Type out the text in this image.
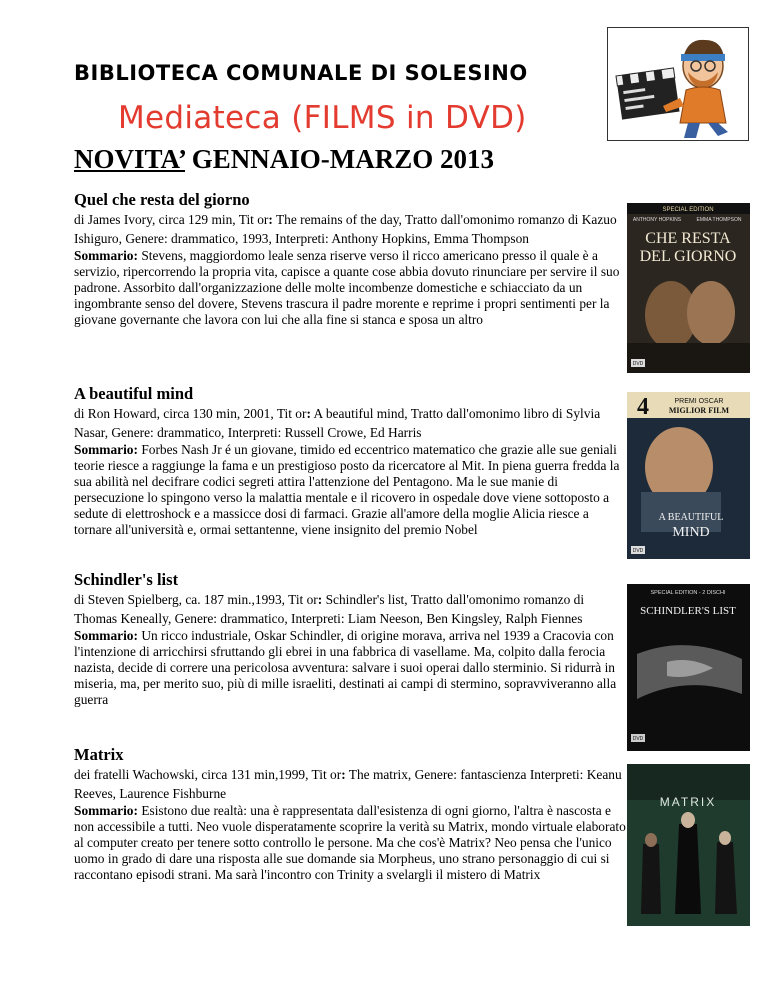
BIBLIOTECA COMUNALE DI SOLESINO
Mediateca (FILMS in DVD)
NOVITA’ GENNAIO-MARZO 2013
Quel che resta del giorno

di James Ivory, circa 129 min, Tit or: The remains of the day, Tratto dall'omonimo romanzo di Kazuo Ishiguro, Genere: drammatico, 1993, Interpreti: Anthony Hopkins, Emma Thompson

Sommario: Stevens, maggiordomo leale senza riserve verso il ricco americano presso il quale è a servizio, ripercorrendo la propria vita, capisce a quante cose abbia dovuto rinunciare per servire il suo padrone. Assorbito dall'organizzazione delle molte incombenze domestiche e schiacciato da un ingombrante senso del dovere, Stevens trascura il padre morente e reprime i propri sentimenti per la giovane governante che lavora con lui che alla fine si stanca e sposa un altro

SPECIAL EDITION
ANTHONY HOPKINS	EMMA THOMPSON
CHE RESTA
DEL GIORNO
DVD
A beautiful mind

di Ron Howard, circa 130 min, 2001, Tit or: A beautiful mind, Tratto dall'omonimo libro di Sylvia Nasar, Genere: drammatico, Interpreti: Russell Crowe, Ed Harris

Sommario: Forbes Nash Jr é un giovane, timido ed eccentrico matematico che grazie alle sue geniali teorie riesce a raggiunge la fama e un prestigioso posto da ricercatore al Mit. In piena guerra fredda la sua abilità nel decifrare codici segreti attira l'attenzione del Pentagono. Ma le sue manie di persecuzione lo spingono verso la malattia mentale e il ricovero in ospedale dove viene sottoposto a sedute di elettroshock e a massicce dosi di farmaci. Grazie all'amore della moglie Alicia riesce a tornare all'università e, ormai settantenne, viene insignito del premio Nobel

4	PREMI OSCAR
MIGLIOR FILM
A BEAUTIFUL
MIND
DVD
Schindler's list

di Steven Spielberg, ca. 187 min.,1993, Tit or: Schindler's list, Tratto dall'omonimo romanzo di Thomas Keneally, Genere: drammatico, Interpreti: Liam Neeson, Ben Kingsley, Ralph Fiennes

Sommario: Un ricco industriale, Oskar Schindler, di origine morava, arriva nel 1939 a Cracovia con l'intenzione di arricchirsi sfruttando gli ebrei in una fabbrica di vasellame. Ma, colpito dalla ferocia nazista, decide di correre una pericolosa avventura: salvare i suoi operai dallo sterminio. Si ridurrà in miseria, ma, per merito suo, più di mille israeliti, destinati ai campi di stermino, sopravviveranno alla guerra

SPECIAL EDITION - 2 DISCHI
SCHINDLER'S LIST
DVD
Matrix

dei fratelli Wachowski, circa 131 min,1999, Tit or: The matrix, Genere: fantascienza Interpreti: Keanu Reeves, Laurence Fishburne

Sommario: Esistono due realtà: una è rappresentata dall'esistenza di ogni giorno, l'altra è nascosta e non accessibile a tutti. Neo vuole disperatamente scoprire la verità su Matrix, mondo virtuale elaborato al computer creato per tenere sotto controllo le persone. Ma che cos'è Matrix? Neo pensa che l'unico uomo in grado di dare una risposta alle sue domande sia Morpheus, uno strano personaggio di cui si raccontano episodi strani. Ma sarà l'incontro con Trinity a svelargli il mistero di Matrix

MATRIX
